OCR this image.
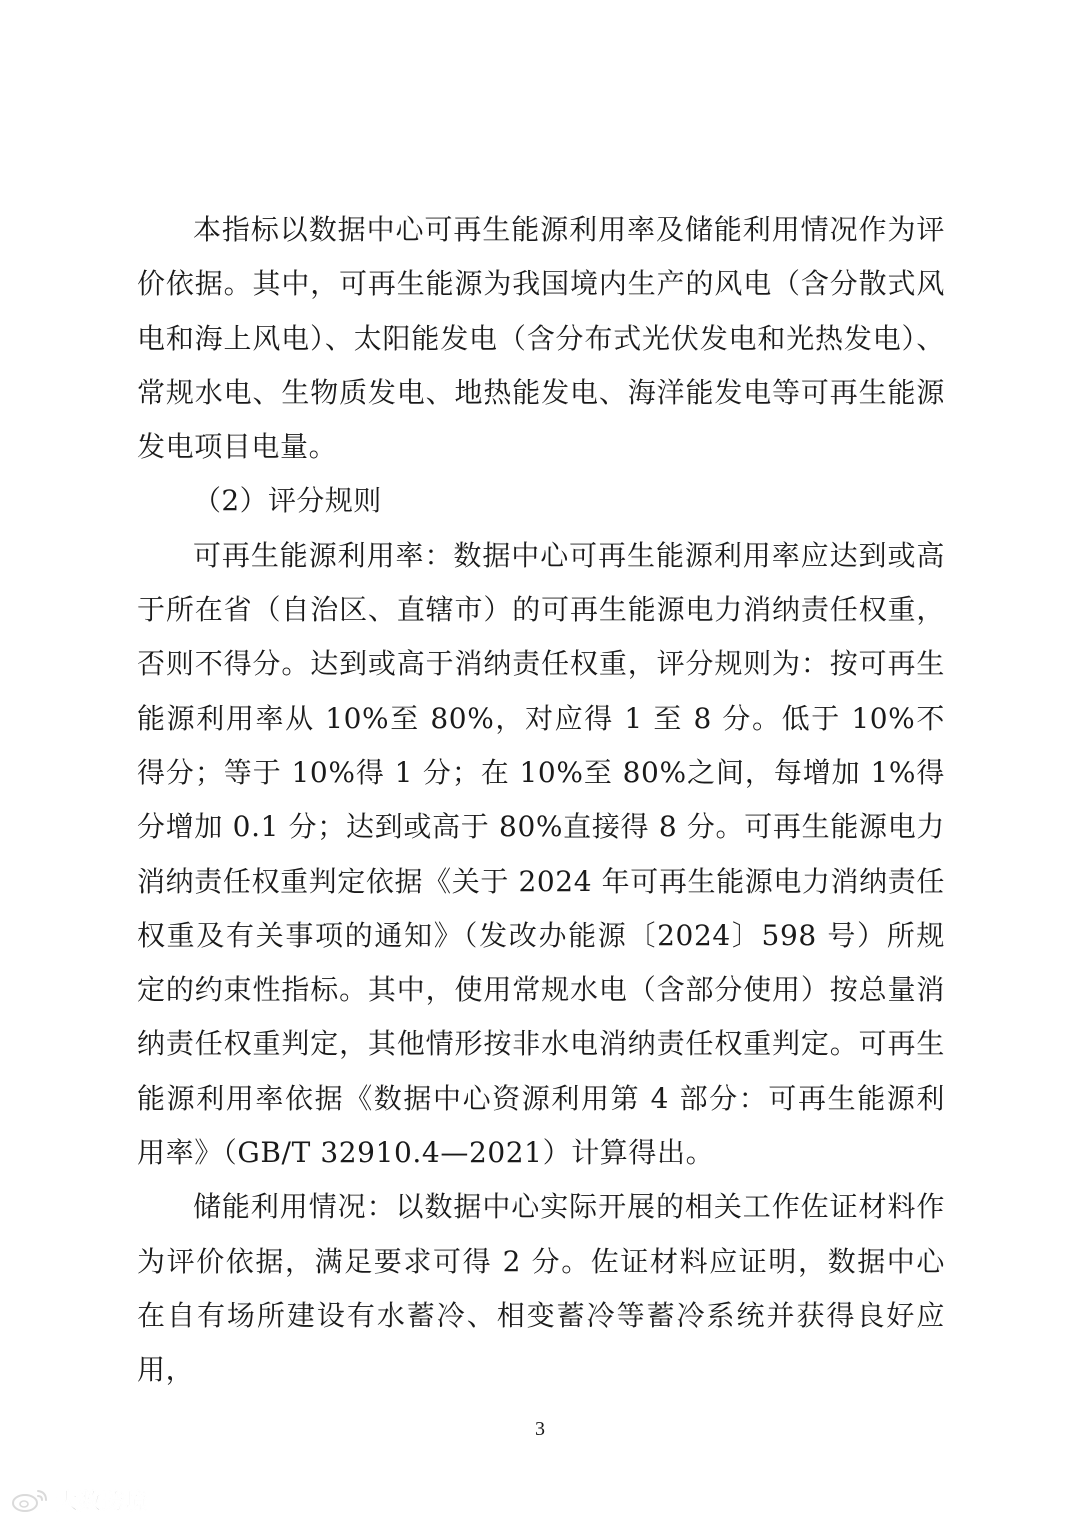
本指标以数据中心可再生能源利用率及储能利用情况作为评价依据。其中，可再生能源为我国境内生产的风电（含分散式风电和海上风电）、太阳能发电（含分布式光伏发电和光热发电）、常规水电、生物质发电、地热能发电、海洋能发电等可再生能源发电项目电量。

（2）评分规则

可再生能源利用率：数据中心可再生能源利用率应达到或高于所在省（自治区、直辖市）的可再生能源电力消纳责任权重，否则不得分。达到或高于消纳责任权重，评分规则为：按可再生能源利用率从 10%至 80%，对应得 1 至 8 分。低于 10%不得分；等于 10%得 1 分；在 10%至 80%之间，每增加 1%得分增加 0.1 分；达到或高于 80%直接得 8 分。可再生能源电力消纳责任权重判定依据《关于 2024 年可再生能源电力消纳责任权重及有关事项的通知》（发改办能源〔2024〕598 号）所规定的约束性指标。其中，使用常规水电（含部分使用）按总量消纳责任权重判定，其他情形按非水电消纳责任权重判定。可再生能源利用率依据《数据中心资源利用第 4 部分：可再生能源利用率》（GB/T 32910.4—2021）计算得出。

储能利用情况：以数据中心实际开展的相关工作佐证材料作为评价依据，满足要求可得 2 分。佐证材料应证明，数据中心在自有场所建设有水蓄冷、相变蓄冷等蓄冷系统并获得良好应用，

3
大数跨境
